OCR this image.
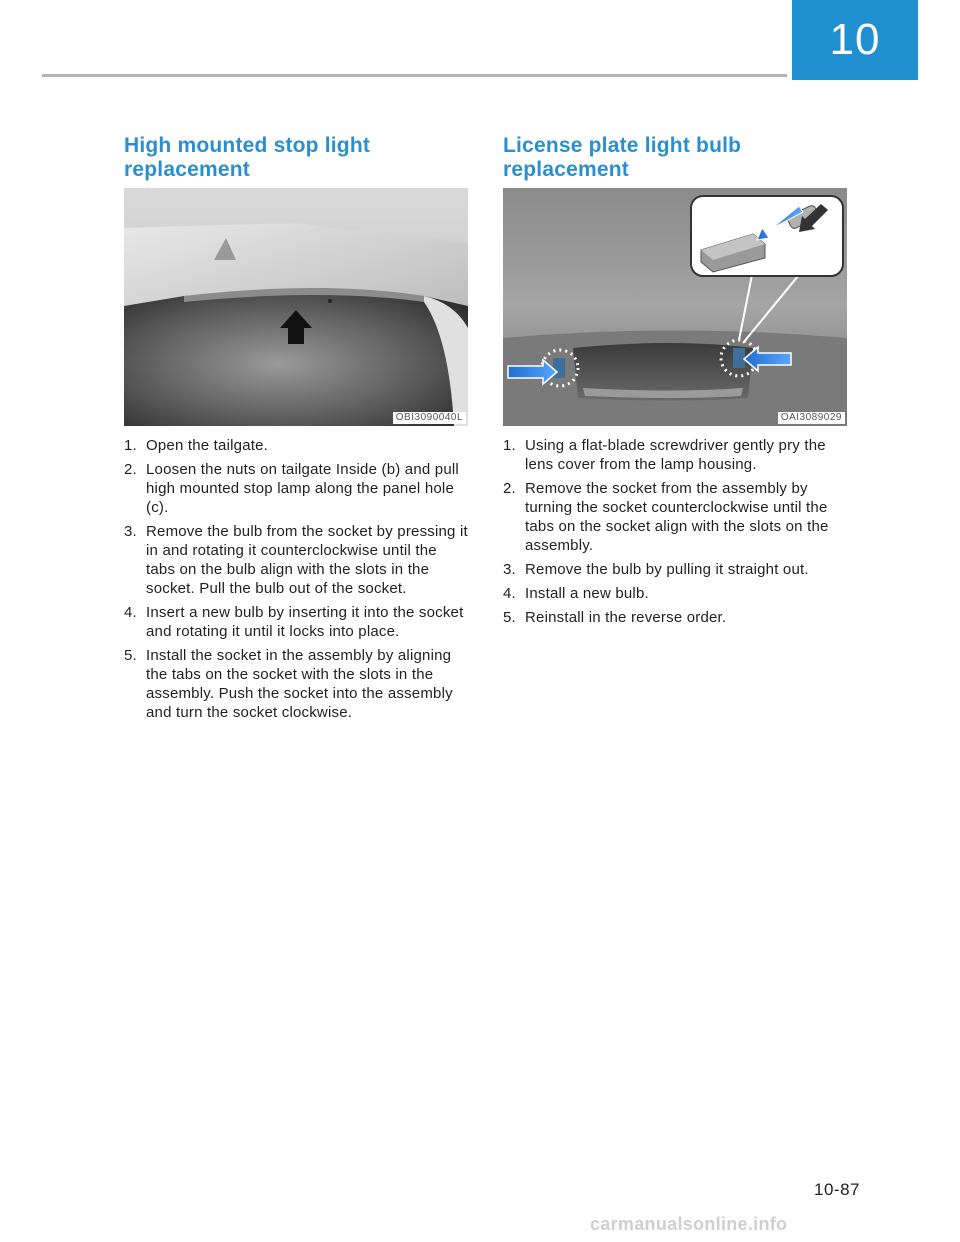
10
High mounted stop light
replacement
OBI3090040L
1. Open the tailgate.
2. Loosen the nuts on tailgate Inside (b) and pull high mounted stop lamp along the panel hole (c).
3. Remove the bulb from the socket by pressing it in and rotating it counterclockwise until the tabs on the bulb align with the slots in the socket. Pull the bulb out of the socket.
4. Insert a new bulb by inserting it into the socket and rotating it until it locks into place.
5. Install the socket in the assembly by aligning the tabs on the socket with the slots in the assembly. Push the socket into the assembly and turn the socket clockwise.
License plate light bulb
replacement
OAI3089029
1. Using a flat-blade screwdriver gently pry the lens cover from the lamp housing.
2. Remove the socket from the assembly by turning the socket counterclockwise until the tabs on the socket align with the slots on the assembly.
3. Remove the bulb by pulling it straight out.
4. Install a new bulb.
5. Reinstall in the reverse order.
10-87
carmanualsonline.info
